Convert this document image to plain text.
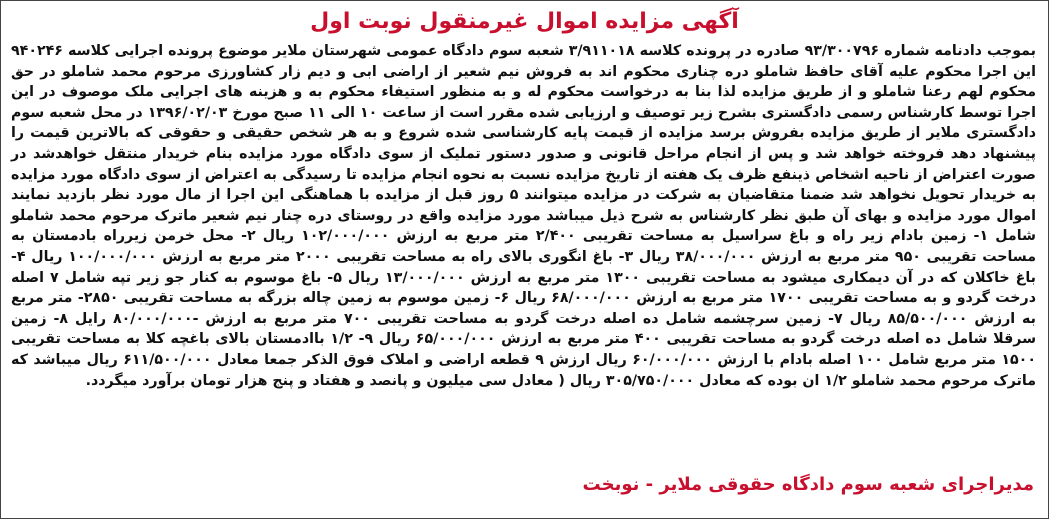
آگهی مزایده اموال غیرمنقول نوبت اول
بموجب دادنامه شماره ۹۳/۳۰۰۷۹۶ صادره در پرونده کلاسه ۳/۹۱۱۰۱۸ شعبه سوم دادگاه عمومی شهرستان ملایر موضوع پرونده اجرایی کلاسه ۹۴۰۲۴۶ این اجرا محکوم علیه آقای حافظ شاملو دره چناری محکوم اند به فروش نیم شعیر از اراضی ابی و دیم زار کشاورزی مرحوم محمد شاملو در حق محکوم لهم رعنا شاملو و از طریق مزایده لذا بنا به درخواست محکوم له و به منظور استیفاء محکوم به و هزینه های اجرایی ملک موصوف در این اجرا توسط کارشناس رسمی دادگستری بشرح زیر توصیف و ارزیابی شده مقرر است از ساعت ۱۰ الی ۱۱ صبح مورخ ۱۳۹۶/۰۲/۰۳ در محل شعبه سوم دادگستری ملایر از طریق مزایده بفروش برسد مزایده از قیمت پایه کارشناسی شده شروع و به هر شخص حقیقی و حقوقی که بالاترین قیمت را پیشنهاد دهد فروخته خواهد شد و پس از انجام مراحل قانونی و صدور دستور تملیک از سوی دادگاه مورد مزایده بنام خریدار منتقل خواهدشد در صورت اعتراض از ناحیه اشخاص ذینفع ظرف یک هفته از تاریخ مزایده نسبت به نحوه انجام مزایده تا رسیدگی به اعتراض از سوی دادگاه مورد مزایده به خریدار تحویل نخواهد شد ضمنا متقاضیان به شرکت در مزایده میتوانند ۵ روز قبل از مزایده با هماهنگی این اجرا از مال مورد نظر بازدید نمایند اموال مورد مزایده و بهای آن طبق نظر کارشناس به شرح ذیل میباشد مورد مزایده واقع در روستای دره چنار نیم شعیر ماترک مرحوم محمد شاملو شامل ۱- زمین بادام زیر راه و باغ سراسیل به مساحت تقریبی ۲/۴۰۰ متر مربع به ارزش ۱۰۲/۰۰۰/۰۰۰ ریال ۲- محل خرمن زیرراه بادمستان به مساحت تقریبی ۹۵۰ متر مربع به ارزش ۳۸/۰۰۰/۰۰۰ ریال ۳- باغ انگوری بالای راه به مساحت تقریبی ۲۰۰۰ متر مربع به ارزش ۱۰۰/۰۰۰/۰۰۰ ریال ۴- باغ خاکلان که در آن دیمکاری میشود به مساحت تقریبی ۱۳۰۰ متر مربع به ارزش ۱۳/۰۰۰/۰۰۰ ریال ۵- باغ موسوم به کنار جو زیر تپه شامل ۷ اصله درخت گردو و به مساحت تقریبی ۱۷۰۰ متر مربع به ارزش ۶۸/۰۰۰/۰۰۰ ریال ۶- زمین موسوم به زمین چاله بزرگه به مساحت تقریبی ۲۸۵۰- متر مربع به ارزش ۸۵/۵۰۰/۰۰۰ ریال ۷- زمین سرچشمه شامل ده اصله درخت گردو به مساحت تقریبی ۷۰۰ متر مربع به ارزش -۸۰/۰۰۰/۰۰۰ رایل ۸- زمین سرقلا شامل ده اصله درخت گردو به مساحت تقریبی ۴۰۰ متر مربع به ارزش ۶۵/۰۰۰/۰۰۰ ریال ۹- ۱/۲ باادمستان بالای باغچه کلا به مساحت تقریبی ۱۵۰۰ متر مربع شامل ۱۰۰ اصله بادام با ارزش ۶۰/۰۰۰/۰۰۰ ریال ارزش ۹ قطعه اراضی و املاک فوق الذکر جمعا معادل ۶۱۱/۵۰۰/۰۰۰ ریال میباشد که ماترک مرحوم محمد شاملو ۱/۲ ان بوده که معادل ۳۰۵/۷۵۰/۰۰۰ ریال ( معادل سی میلیون و پانصد و هفتاد و پنج هزار تومان برآورد میگردد.
مدیراجرای شعبه سوم دادگاه حقوقی ملایر - نوبخت
